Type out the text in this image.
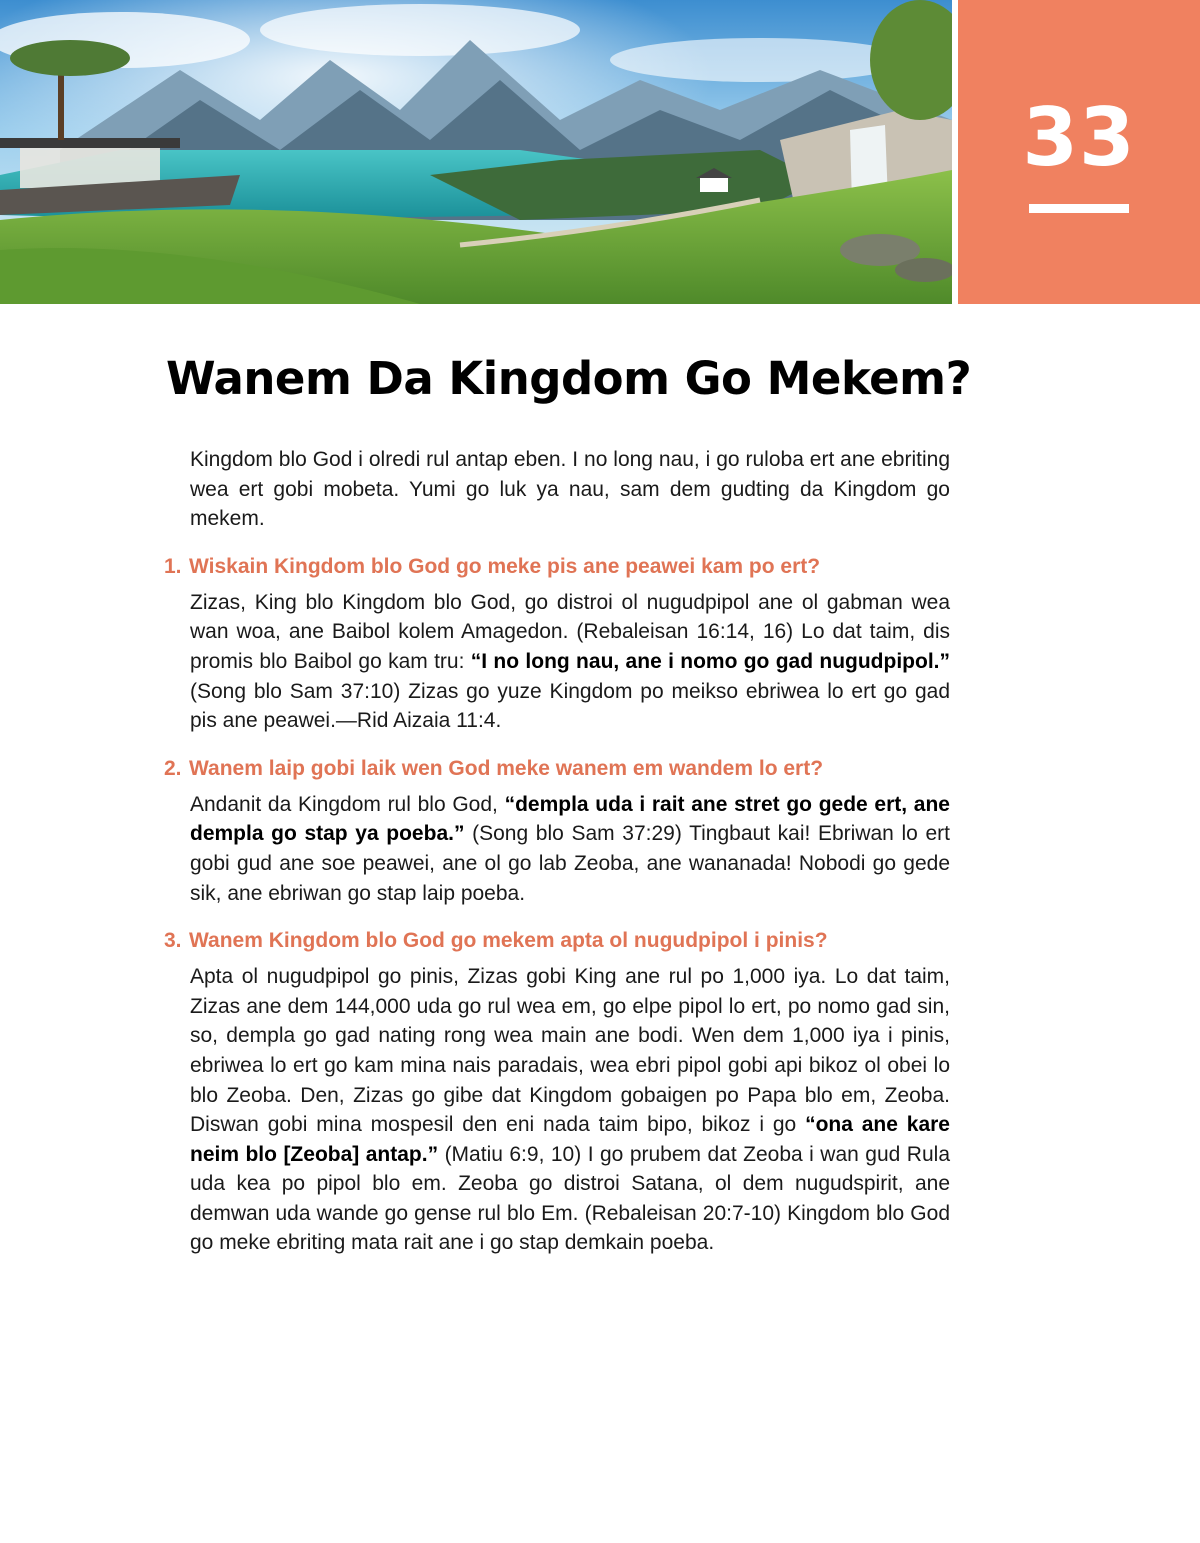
33
Wanem Da Kingdom Go Mekem?

Kingdom blo God i olredi rul antap eben. I no long nau, i go ruloba ert ane ebriting wea ert gobi mobeta. Yumi go luk ya nau, sam dem gudting da Kingdom go mekem.

1. Wiskain Kingdom blo God go meke pis ane peawei kam po ert?

Zizas, King blo Kingdom blo God, go distroi ol nugudpipol ane ol gabman wea wan woa, ane Baibol kolem Amagedon. (Rebaleisan 16:14, 16) Lo dat taim, dis promis blo Baibol go kam tru: “I no long nau, ane i nomo go gad nugudpipol.” (Song blo Sam 37:10) Zizas go yuze Kingdom po meikso ebriwea lo ert go gad pis ane peawei.—Rid Aizaia 11:4.

2. Wanem laip gobi laik wen God meke wanem em wandem lo ert?

Andanit da Kingdom rul blo God, “dempla uda i rait ane stret go gede ert, ane dempla go stap ya poeba.” (Song blo Sam 37:29) Tingbaut kai! Ebriwan lo ert gobi gud ane soe peawei, ane ol go lab Zeoba, ane wananada! Nobodi go gede sik, ane ebriwan go stap laip poeba.

3. Wanem Kingdom blo God go mekem apta ol nugudpipol i pinis?

Apta ol nugudpipol go pinis, Zizas gobi King ane rul po 1,000 iya. Lo dat taim, Zizas ane dem 144,000 uda go rul wea em, go elpe pipol lo ert, po nomo gad sin, so, dempla go gad nating rong wea main ane bodi. Wen dem 1,000 iya i pinis, ebriwea lo ert go kam mina nais paradais, wea ebri pipol gobi api bikoz ol obei lo blo Zeoba. Den, Zizas go gibe dat Kingdom gobaigen po Papa blo em, Zeoba. Diswan gobi mina mospesil den eni nada taim bipo, bikoz i go “ona ane kare neim blo [Zeoba] antap.” (Matiu 6:9, 10) I go prubem dat Zeoba i wan gud Rula uda kea po pipol blo em. Zeoba go distroi Satana, ol dem nugudspirit, ane demwan uda wande go gense rul blo Em. (Rebaleisan 20:7-10) Kingdom blo God go meke ebriting mata rait ane i go stap demkain poeba.
